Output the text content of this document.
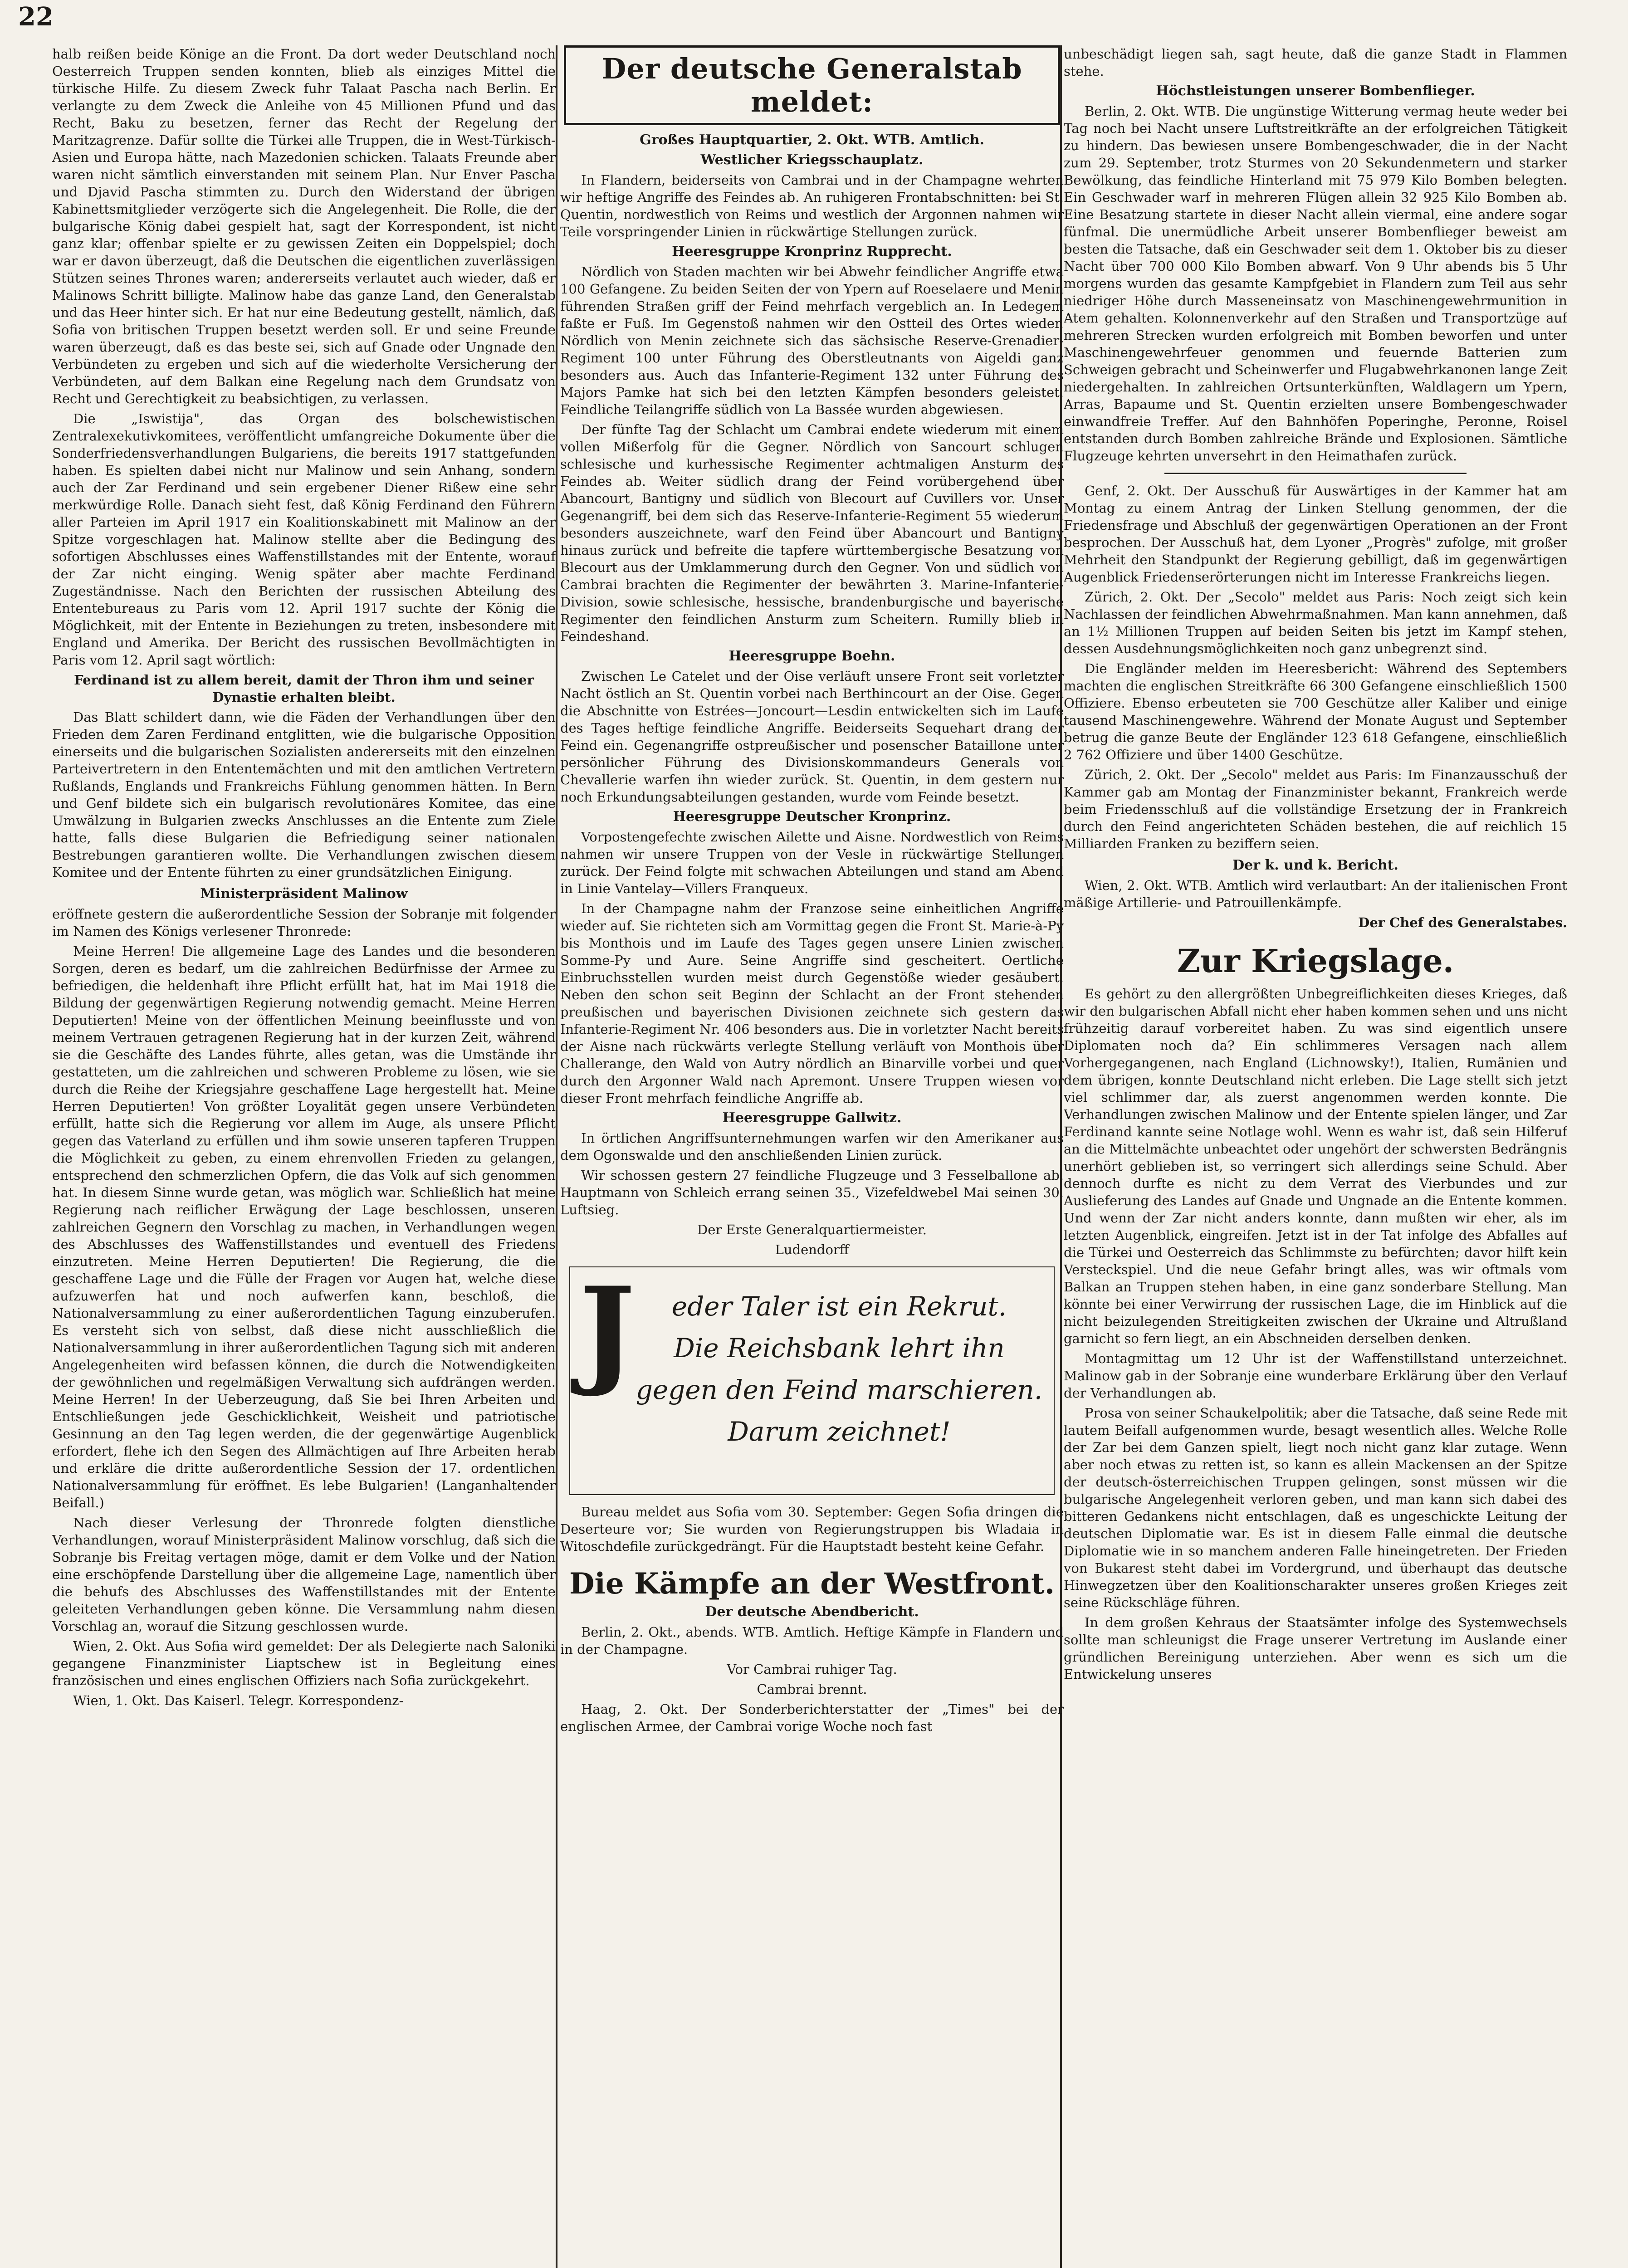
22

halb reißen beide Könige an die Front. Da dort weder Deutschland noch Oesterreich Truppen senden konnten, blieb als einziges Mittel die türkische Hilfe. Zu diesem Zweck fuhr Talaat Pascha nach Berlin. Er verlangte zu dem Zweck die Anleihe von 45 Millionen Pfund und das Recht, Baku zu besetzen, ferner das Recht der Regelung der Maritzagrenze. Dafür sollte die Türkei alle Truppen, die in West-Türkisch-Asien und Europa hätte, nach Mazedonien schicken. Talaats Freunde aber waren nicht sämtlich einverstanden mit seinem Plan. Nur Enver Pascha und Djavid Pascha stimmten zu. Durch den Widerstand der übrigen Kabinettsmitglieder verzögerte sich die Angelegenheit. Die Rolle, die der bulgarische König dabei gespielt hat, sagt der Korrespondent, ist nicht ganz klar; offenbar spielte er zu gewissen Zeiten ein Doppelspiel; doch war er davon überzeugt, daß die Deutschen die eigentlichen zuverlässigen Stützen seines Thrones waren; andererseits verlautet auch wieder, daß er Malinows Schritt billigte. Malinow habe das ganze Land, den Generalstab und das Heer hinter sich. Er hat nur eine Bedeutung gestellt, nämlich, daß Sofia von britischen Truppen besetzt werden soll. Er und seine Freunde waren überzeugt, daß es das beste sei, sich auf Gnade oder Ungnade den Verbündeten zu ergeben und sich auf die wiederholte Versicherung der Verbündeten, auf dem Balkan eine Regelung nach dem Grundsatz von Recht und Gerechtigkeit zu beabsichtigen, zu verlassen.

Die „Iswistija", das Organ des bolschewistischen Zentralexekutivkomitees, veröffentlicht umfangreiche Dokumente über die Sonderfriedensverhandlungen Bulgariens, die bereits 1917 stattgefunden haben. Es spielten dabei nicht nur Malinow und sein Anhang, sondern auch der Zar Ferdinand und sein ergebener Diener Rißew eine sehr merkwürdige Rolle. Danach sieht fest, daß König Ferdinand den Führern aller Parteien im April 1917 ein Koalitionskabinett mit Malinow an der Spitze vorgeschlagen hat. Malinow stellte aber die Bedingung des sofortigen Abschlusses eines Waffenstillstandes mit der Entente, worauf der Zar nicht einging. Wenig später aber machte Ferdinand Zugeständnisse. Nach den Berichten der russischen Abteilung des Ententebureaus zu Paris vom 12. April 1917 suchte der König die Möglichkeit, mit der Entente in Beziehungen zu treten, insbesondere mit England und Amerika. Der Bericht des russischen Bevollmächtigten in Paris vom 12. April sagt wörtlich:

Ferdinand ist zu allem bereit, damit der Thron ihm und seiner Dynastie erhalten bleibt.

Das Blatt schildert dann, wie die Fäden der Verhandlungen über den Frieden dem Zaren Ferdinand entglitten, wie die bulgarische Opposition einerseits und die bulgarischen Sozialisten andererseits mit den einzelnen Parteivertretern in den Ententemächten und mit den amtlichen Vertretern Rußlands, Englands und Frankreichs Fühlung genommen hätten. In Bern und Genf bildete sich ein bulgarisch revolutionäres Komitee, das eine Umwälzung in Bulgarien zwecks Anschlusses an die Entente zum Ziele hatte, falls diese Bulgarien die Befriedigung seiner nationalen Bestrebungen garantieren wollte. Die Verhandlungen zwischen diesem Komitee und der Entente führten zu einer grundsätzlichen Einigung.

Ministerpräsident Malinow

eröffnete gestern die außerordentliche Session der Sobranje mit folgender im Namen des Königs verlesener Thronrede:

Meine Herren! Die allgemeine Lage des Landes und die besonderen Sorgen, deren es bedarf, um die zahlreichen Bedürfnisse der Armee zu befriedigen, die heldenhaft ihre Pflicht erfüllt hat, hat im Mai 1918 die Bildung der gegenwärtigen Regierung notwendig gemacht. Meine Herren Deputierten! Meine von der öffentlichen Meinung beeinflusste und von meinem Vertrauen getragenen Regierung hat in der kurzen Zeit, während sie die Geschäfte des Landes führte, alles getan, was die Umstände ihr gestatteten, um die zahlreichen und schweren Probleme zu lösen, wie sie durch die Reihe der Kriegsjahre geschaffene Lage hergestellt hat. Meine Herren Deputierten! Von größter Loyalität gegen unsere Verbündeten erfüllt, hatte sich die Regierung vor allem im Auge, als unsere Pflicht gegen das Vaterland zu erfüllen und ihm sowie unseren tapferen Truppen die Möglichkeit zu geben, zu einem ehrenvollen Frieden zu gelangen, entsprechend den schmerzlichen Opfern, die das Volk auf sich genommen hat. In diesem Sinne wurde getan, was möglich war. Schließlich hat meine Regierung nach reiflicher Erwägung der Lage beschlossen, unseren zahlreichen Gegnern den Vorschlag zu machen, in Verhandlungen wegen des Abschlusses des Waffenstillstandes und eventuell des Friedens einzutreten. Meine Herren Deputierten! Die Regierung, die die geschaffene Lage und die Fülle der Fragen vor Augen hat, welche diese aufzuwerfen hat und noch aufwerfen kann, beschloß, die Nationalversammlung zu einer außerordentlichen Tagung einzuberufen. Es versteht sich von selbst, daß diese nicht ausschließlich die Nationalversammlung in ihrer außerordentlichen Tagung sich mit anderen Angelegenheiten wird befassen können, die durch die Notwendigkeiten der gewöhnlichen und regelmäßigen Verwaltung sich aufdrängen werden. Meine Herren! In der Ueberzeugung, daß Sie bei Ihren Arbeiten und Entschließungen jede Geschicklichkeit, Weisheit und patriotische Gesinnung an den Tag legen werden, die der gegenwärtige Augenblick erfordert, flehe ich den Segen des Allmächtigen auf Ihre Arbeiten herab und erkläre die dritte außerordentliche Session der 17. ordentlichen Nationalversammlung für eröffnet. Es lebe Bulgarien! (Langanhaltender Beifall.)

Nach dieser Verlesung der Thronrede folgten dienstliche Verhandlungen, worauf Ministerpräsident Malinow vorschlug, daß sich die Sobranje bis Freitag vertagen möge, damit er dem Volke und der Nation eine erschöpfende Darstellung über die allgemeine Lage, namentlich über die behufs des Abschlusses des Waffenstillstandes mit der Entente geleiteten Verhandlungen geben könne. Die Versammlung nahm diesen Vorschlag an, worauf die Sitzung geschlossen wurde.

Wien, 2. Okt. Aus Sofia wird gemeldet: Der als Delegierte nach Saloniki gegangene Finanzminister Liaptschew ist in Begleitung eines französischen und eines englischen Offiziers nach Sofia zurückgekehrt.

Wien, 1. Okt. Das Kaiserl. Telegr. Korrespondenz-

Der deutsche Generalstab meldet:

Großes Hauptquartier, 2. Okt. WTB. Amtlich.

Westlicher Kriegsschauplatz.

In Flandern, beiderseits von Cambrai und in der Champagne wehrten wir heftige Angriffe des Feindes ab. An ruhigeren Frontabschnitten: bei St. Quentin, nordwestlich von Reims und westlich der Argonnen nahmen wir Teile vorspringender Linien in rückwärtige Stellungen zurück.

Heeresgruppe Kronprinz Rupprecht.

Nördlich von Staden machten wir bei Abwehr feindlicher Angriffe etwa 100 Gefangene. Zu beiden Seiten der von Ypern auf Roeselaere und Menin führenden Straßen griff der Feind mehrfach vergeblich an. In Ledegem faßte er Fuß. Im Gegenstoß nahmen wir den Ostteil des Ortes wieder. Nördlich von Menin zeichnete sich das sächsische Reserve-Grenadier-Regiment 100 unter Führung des Oberstleutnants von Aigeldi ganz besonders aus. Auch das Infanterie-Regiment 132 unter Führung des Majors Pamke hat sich bei den letzten Kämpfen besonders geleistet. Feindliche Teilangriffe südlich von La Bassée wurden abgewiesen.

Der fünfte Tag der Schlacht um Cambrai endete wiederum mit einem vollen Mißerfolg für die Gegner. Nördlich von Sancourt schlugen schlesische und kurhessische Regimenter achtmaligen Ansturm des Feindes ab. Weiter südlich drang der Feind vorübergehend über Abancourt, Bantigny und südlich von Blecourt auf Cuvillers vor. Unser Gegenangriff, bei dem sich das Reserve-Infanterie-Regiment 55 wiederum besonders auszeichnete, warf den Feind über Abancourt und Bantigny hinaus zurück und befreite die tapfere württembergische Besatzung von Blecourt aus der Umklammerung durch den Gegner. Von und südlich von Cambrai brachten die Regimenter der bewährten 3. Marine-Infanterie-Division, sowie schlesische, hessische, brandenburgische und bayerische Regimenter den feindlichen Ansturm zum Scheitern. Rumilly blieb in Feindeshand.

Heeresgruppe Boehn.

Zwischen Le Catelet und der Oise verläuft unsere Front seit vorletzter Nacht östlich an St. Quentin vorbei nach Berthincourt an der Oise. Gegen die Abschnitte von Estrées—Joncourt—Lesdin entwickelten sich im Laufe des Tages heftige feindliche Angriffe. Beiderseits Sequehart drang der Feind ein. Gegenangriffe ostpreußischer und posenscher Bataillone unter persönlicher Führung des Divisionskommandeurs Generals von Chevallerie warfen ihn wieder zurück. St. Quentin, in dem gestern nur noch Erkundungsabteilungen gestanden, wurde vom Feinde besetzt.

Heeresgruppe Deutscher Kronprinz.

Vorpostengefechte zwischen Ailette und Aisne. Nordwestlich von Reims nahmen wir unsere Truppen von der Vesle in rückwärtige Stellungen zurück. Der Feind folgte mit schwachen Abteilungen und stand am Abend in Linie Vantelay—Villers Franqueux.

In der Champagne nahm der Franzose seine einheitlichen Angriffe wieder auf. Sie richteten sich am Vormittag gegen die Front St. Marie-à-Py bis Monthois und im Laufe des Tages gegen unsere Linien zwischen Somme-Py und Aure. Seine Angriffe sind gescheitert. Oertliche Einbruchsstellen wurden meist durch Gegenstöße wieder gesäubert. Neben den schon seit Beginn der Schlacht an der Front stehenden preußischen und bayerischen Divisionen zeichnete sich gestern das Infanterie-Regiment Nr. 406 besonders aus. Die in vorletzter Nacht bereits der Aisne nach rückwärts verlegte Stellung verläuft von Monthois über Challerange, den Wald von Autry nördlich an Binarville vorbei und quer durch den Argonner Wald nach Apremont. Unsere Truppen wiesen vor dieser Front mehrfach feindliche Angriffe ab.

Heeresgruppe Gallwitz.

In örtlichen Angriffsunternehmungen warfen wir den Amerikaner aus dem Ogonswalde und den anschließenden Linien zurück.

Wir schossen gestern 27 feindliche Flugzeuge und 3 Fesselballone ab. Hauptmann von Schleich errang seinen 35., Vizefeldwebel Mai seinen 30. Luftsieg.

Der Erste Generalquartiermeister.

Ludendorff

J	eder Taler ist ein Rekrut.
Die Reichsbank lehrt ihn
gegen den Feind marschieren.
Darum zeichnet!

Bureau meldet aus Sofia vom 30. September: Gegen Sofia dringen die Deserteure vor; Sie wurden von Regierungstruppen bis Wladaia in Witoschdefile zurückgedrängt. Für die Hauptstadt besteht keine Gefahr.

Die Kämpfe an der Westfront.

Der deutsche Abendbericht.

Berlin, 2. Okt., abends. WTB. Amtlich. Heftige Kämpfe in Flandern und in der Champagne.

Vor Cambrai ruhiger Tag.

Cambrai brennt.

Haag, 2. Okt. Der Sonderberichterstatter der „Times" bei der englischen Armee, der Cambrai vorige Woche noch fast

unbeschädigt liegen sah, sagt heute, daß die ganze Stadt in Flammen stehe.

Höchstleistungen unserer Bombenflieger.

Berlin, 2. Okt. WTB. Die ungünstige Witterung vermag heute weder bei Tag noch bei Nacht unsere Luftstreitkräfte an der erfolgreichen Tätigkeit zu hindern. Das bewiesen unsere Bombengeschwader, die in der Nacht zum 29. September, trotz Sturmes von 20 Sekundenmetern und starker Bewölkung, das feindliche Hinterland mit 75 979 Kilo Bomben belegten. Ein Geschwader warf in mehreren Flügen allein 32 925 Kilo Bomben ab. Eine Besatzung startete in dieser Nacht allein viermal, eine andere sogar fünfmal. Die unermüdliche Arbeit unserer Bombenflieger beweist am besten die Tatsache, daß ein Geschwader seit dem 1. Oktober bis zu dieser Nacht über 700 000 Kilo Bomben abwarf. Von 9 Uhr abends bis 5 Uhr morgens wurden das gesamte Kampfgebiet in Flandern zum Teil aus sehr niedriger Höhe durch Masseneinsatz von Maschinengewehrmunition in Atem gehalten. Kolonnenverkehr auf den Straßen und Transportzüge auf mehreren Strecken wurden erfolgreich mit Bomben beworfen und unter Maschinengewehrfeuer genommen und feuernde Batterien zum Schweigen gebracht und Scheinwerfer und Flugabwehrkanonen lange Zeit niedergehalten. In zahlreichen Ortsunterkünften, Waldlagern um Ypern, Arras, Bapaume und St. Quentin erzielten unsere Bombengeschwader einwandfreie Treffer. Auf den Bahnhöfen Poperinghe, Peronne, Roisel entstanden durch Bomben zahlreiche Brände und Explosionen. Sämtliche Flugzeuge kehrten unversehrt in den Heimathafen zurück.

Genf, 2. Okt. Der Ausschuß für Auswärtiges in der Kammer hat am Montag zu einem Antrag der Linken Stellung genommen, der die Friedensfrage und Abschluß der gegenwärtigen Operationen an der Front besprochen. Der Ausschuß hat, dem Lyoner „Progrès" zufolge, mit großer Mehrheit den Standpunkt der Regierung gebilligt, daß im gegenwärtigen Augenblick Friedenserörterungen nicht im Interesse Frankreichs liegen.

Zürich, 2. Okt. Der „Secolo" meldet aus Paris: Noch zeigt sich kein Nachlassen der feindlichen Abwehrmaßnahmen. Man kann annehmen, daß an 1½ Millionen Truppen auf beiden Seiten bis jetzt im Kampf stehen, dessen Ausdehnungsmöglichkeiten noch ganz unbegrenzt sind.

Die Engländer melden im Heeresbericht: Während des Septembers machten die englischen Streitkräfte 66 300 Gefangene einschließlich 1500 Offiziere. Ebenso erbeuteten sie 700 Geschütze aller Kaliber und einige tausend Maschinengewehre. Während der Monate August und September betrug die ganze Beute der Engländer 123 618 Gefangene, einschließlich 2 762 Offiziere und über 1400 Geschütze.

Zürich, 2. Okt. Der „Secolo" meldet aus Paris: Im Finanzausschuß der Kammer gab am Montag der Finanzminister bekannt, Frankreich werde beim Friedensschluß auf die vollständige Ersetzung der in Frankreich durch den Feind angerichteten Schäden bestehen, die auf reichlich 15 Milliarden Franken zu beziffern seien.

Der k. und k. Bericht.

Wien, 2. Okt. WTB. Amtlich wird verlautbart: An der italienischen Front mäßige Artillerie- und Patrouillenkämpfe.

Der Chef des Generalstabes.

Zur Kriegslage.

Es gehört zu den allergrößten Unbegreiflichkeiten dieses Krieges, daß wir den bulgarischen Abfall nicht eher haben kommen sehen und uns nicht frühzeitig darauf vorbereitet haben. Zu was sind eigentlich unsere Diplomaten noch da? Ein schlimmeres Versagen nach allem Vorhergegangenen, nach England (Lichnowsky!), Italien, Rumänien und dem übrigen, konnte Deutschland nicht erleben. Die Lage stellt sich jetzt viel schlimmer dar, als zuerst angenommen werden konnte. Die Verhandlungen zwischen Malinow und der Entente spielen länger, und Zar Ferdinand kannte seine Notlage wohl. Wenn es wahr ist, daß sein Hilferuf an die Mittelmächte unbeachtet oder ungehört der schwersten Bedrängnis unerhört geblieben ist, so verringert sich allerdings seine Schuld. Aber dennoch durfte es nicht zu dem Verrat des Vierbundes und zur Auslieferung des Landes auf Gnade und Ungnade an die Entente kommen. Und wenn der Zar nicht anders konnte, dann mußten wir eher, als im letzten Augenblick, eingreifen. Jetzt ist in der Tat infolge des Abfalles auf die Türkei und Oesterreich das Schlimmste zu befürchten; davor hilft kein Versteckspiel. Und die neue Gefahr bringt alles, was wir oftmals vom Balkan an Truppen stehen haben, in eine ganz sonderbare Stellung. Man könnte bei einer Verwirrung der russischen Lage, die im Hinblick auf die nicht beizulegenden Streitigkeiten zwischen der Ukraine und Altrußland garnicht so fern liegt, an ein Abschneiden derselben denken.

Montagmittag um 12 Uhr ist der Waffenstillstand unterzeichnet. Malinow gab in der Sobranje eine wunderbare Erklärung über den Verlauf der Verhandlungen ab.

Prosa von seiner Schaukelpolitik; aber die Tatsache, daß seine Rede mit lautem Beifall aufgenommen wurde, besagt wesentlich alles. Welche Rolle der Zar bei dem Ganzen spielt, liegt noch nicht ganz klar zutage. Wenn aber noch etwas zu retten ist, so kann es allein Mackensen an der Spitze der deutsch-österreichischen Truppen gelingen, sonst müssen wir die bulgarische Angelegenheit verloren geben, und man kann sich dabei des bitteren Gedankens nicht entschlagen, daß es ungeschickte Leitung der deutschen Diplomatie war. Es ist in diesem Falle einmal die deutsche Diplomatie wie in so manchem anderen Falle hineingetreten. Der Frieden von Bukarest steht dabei im Vordergrund, und überhaupt das deutsche Hinwegzetzen über den Koalitionscharakter unseres großen Krieges zeit seine Rückschläge führen.

In dem großen Kehraus der Staatsämter infolge des Systemwechsels sollte man schleunigst die Frage unserer Vertretung im Auslande einer gründlichen Bereinigung unterziehen. Aber wenn es sich um die Entwickelung unseres
